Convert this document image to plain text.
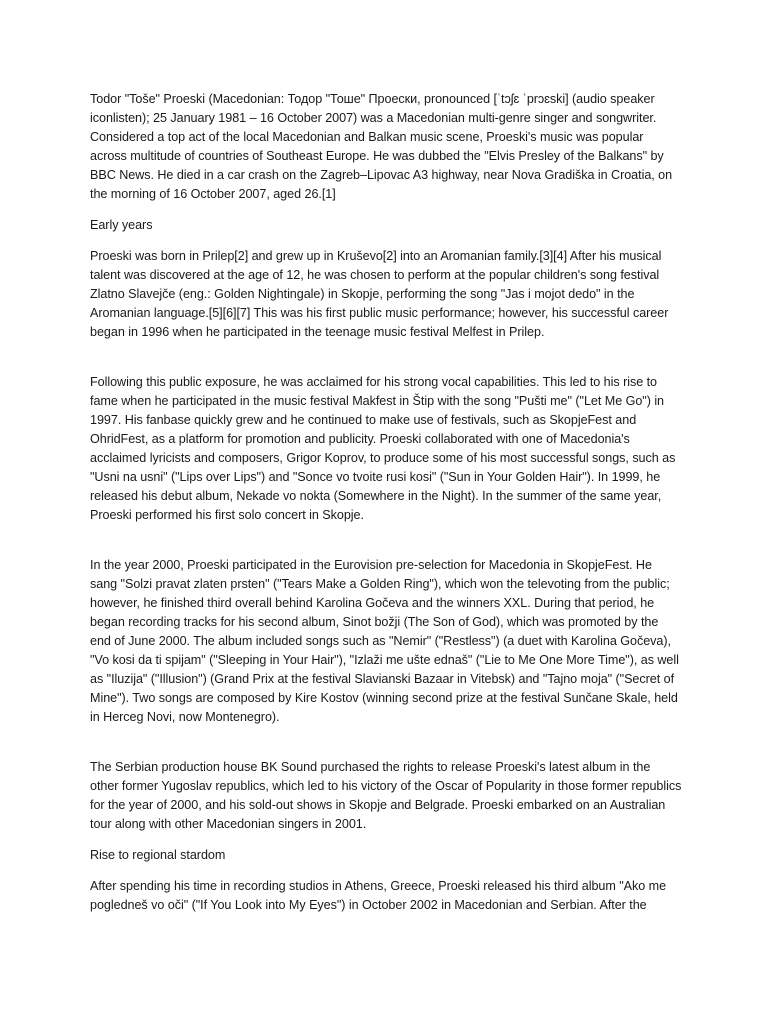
Todor "Toše" Proeski (Macedonian: Тодор "Тоше" Проески, pronounced [ˈtɔʃɛ ˈprɔɛski] (audio speaker iconlisten); 25 January 1981 – 16 October 2007) was a Macedonian multi-genre singer and songwriter. Considered a top act of the local Macedonian and Balkan music scene, Proeski's music was popular across multitude of countries of Southeast Europe. He was dubbed the "Elvis Presley of the Balkans" by BBC News. He died in a car crash on the Zagreb–Lipovac A3 highway, near Nova Gradiška in Croatia, on the morning of 16 October 2007, aged 26.[1]

Early years

Proeski was born in Prilep[2] and grew up in Kruševo[2] into an Aromanian family.[3][4] After his musical talent was discovered at the age of 12, he was chosen to perform at the popular children's song festival Zlatno Slavejče (eng.: Golden Nightingale) in Skopje, performing the song "Jas i mojot dedo" in the Aromanian language.[5][6][7] This was his first public music performance; however, his successful career began in 1996 when he participated in the teenage music festival Melfest in Prilep.

Following this public exposure, he was acclaimed for his strong vocal capabilities. This led to his rise to fame when he participated in the music festival Makfest in Štip with the song "Pušti me" ("Let Me Go") in 1997. His fanbase quickly grew and he continued to make use of festivals, such as SkopjeFest and OhridFest, as a platform for promotion and publicity. Proeski collaborated with one of Macedonia's acclaimed lyricists and composers, Grigor Koprov, to produce some of his most successful songs, such as "Usni na usni" ("Lips over Lips") and "Sonce vo tvoite rusi kosi" ("Sun in Your Golden Hair"). In 1999, he released his debut album, Nekade vo nokta (Somewhere in the Night). In the summer of the same year, Proeski performed his first solo concert in Skopje.

In the year 2000, Proeski participated in the Eurovision pre-selection for Macedonia in SkopjeFest. He sang "Solzi pravat zlaten prsten" ("Tears Make a Golden Ring"), which won the televoting from the public; however, he finished third overall behind Karolina Gočeva and the winners XXL. During that period, he began recording tracks for his second album, Sinot božji (The Son of God), which was promoted by the end of June 2000. The album included songs such as "Nemir" ("Restless") (a duet with Karolina Gočeva), "Vo kosi da ti spijam" ("Sleeping in Your Hair"), "Izlaži me ušte ednaš" ("Lie to Me One More Time"), as well as "Iluzija" ("Illusion") (Grand Prix at the festival Slavianski Bazaar in Vitebsk) and "Tajno moja" ("Secret of Mine"). Two songs are composed by Kire Kostov (winning second prize at the festival Sunčane Skale, held in Herceg Novi, now Montenegro).

The Serbian production house BK Sound purchased the rights to release Proeski's latest album in the other former Yugoslav republics, which led to his victory of the Oscar of Popularity in those former republics for the year of 2000, and his sold-out shows in Skopje and Belgrade. Proeski embarked on an Australian tour along with other Macedonian singers in 2001.

Rise to regional stardom

After spending his time in recording studios in Athens, Greece, Proeski released his third album "Ako me pogledneš vo oči" ("If You Look into My Eyes") in October 2002 in Macedonian and Serbian. After the
